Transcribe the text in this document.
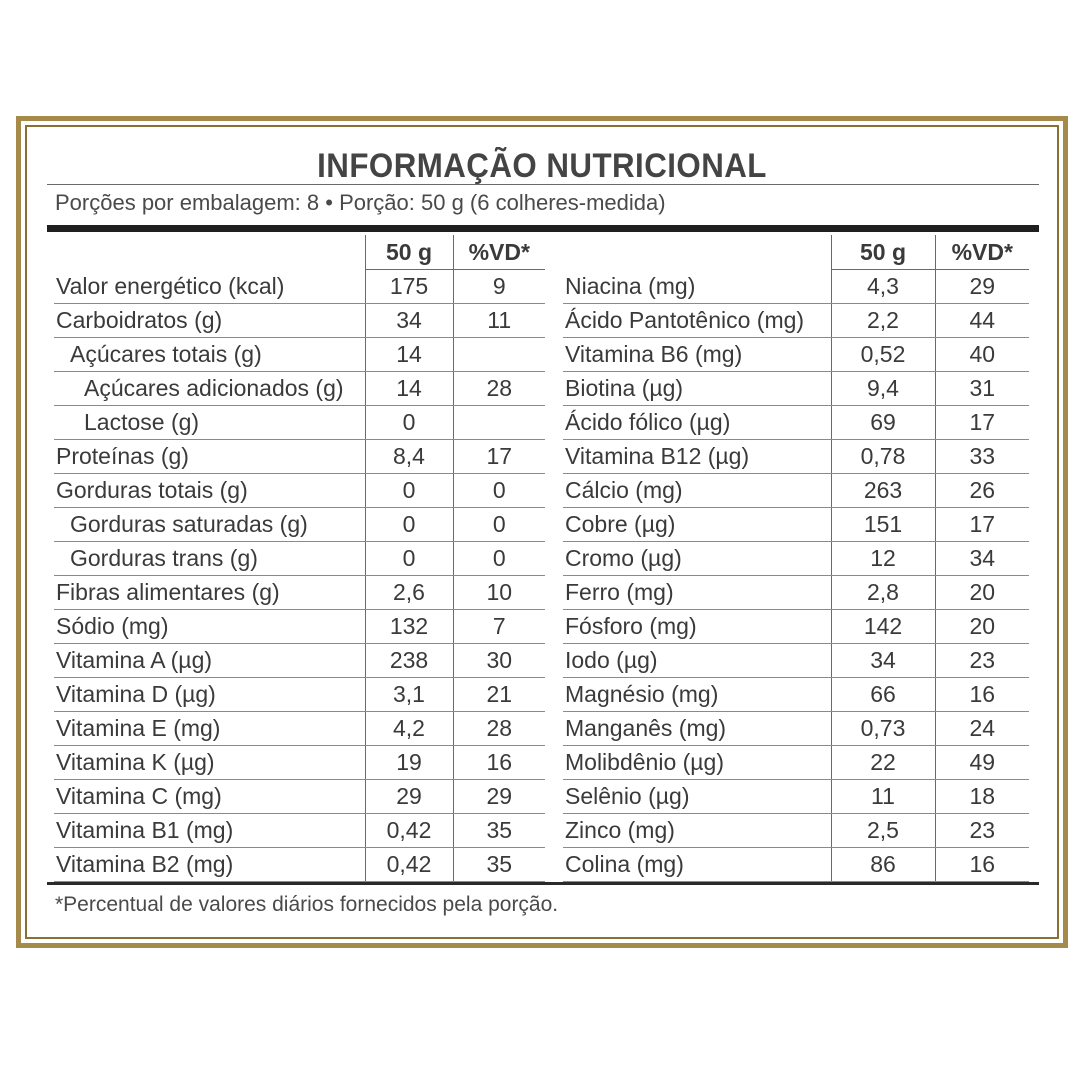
INFORMAÇÃO NUTRICIONAL
Porções por embalagem: 8 • Porção: 50 g (6 colheres-medida)
	50 g	%VD*
Valor energético (kcal)	175	9
Carboidratos (g)	34	11
Açúcares totais (g)	14	
Açúcares adicionados (g)	14	28
Lactose (g)	0	
Proteínas (g)	8,4	17
Gorduras totais (g)	0	0
Gorduras saturadas (g)	0	0
Gorduras trans (g)	0	0
Fibras alimentares (g)	2,6	10
Sódio (mg)	132	7
Vitamina A (µg)	238	30
Vitamina D (µg)	3,1	21
Vitamina E (mg)	4,2	28
Vitamina K (µg)	19	16
Vitamina C (mg)	29	29
Vitamina B1 (mg)	0,42	35
Vitamina B2 (mg)	0,42	35
	50 g	%VD*
Niacina (mg)	4,3	29
Ácido Pantotênico (mg)	2,2	44
Vitamina B6 (mg)	0,52	40
Biotina (µg)	9,4	31
Ácido fólico (µg)	69	17
Vitamina B12 (µg)	0,78	33
Cálcio (mg)	263	26
Cobre (µg)	151	17
Cromo (µg)	12	34
Ferro (mg)	2,8	20
Fósforo (mg)	142	20
Iodo (µg)	34	23
Magnésio (mg)	66	16
Manganês (mg)	0,73	24
Molibdênio (µg)	22	49
Selênio (µg)	11	18
Zinco (mg)	2,5	23
Colina (mg)	86	16
*Percentual de valores diários fornecidos pela porção.
